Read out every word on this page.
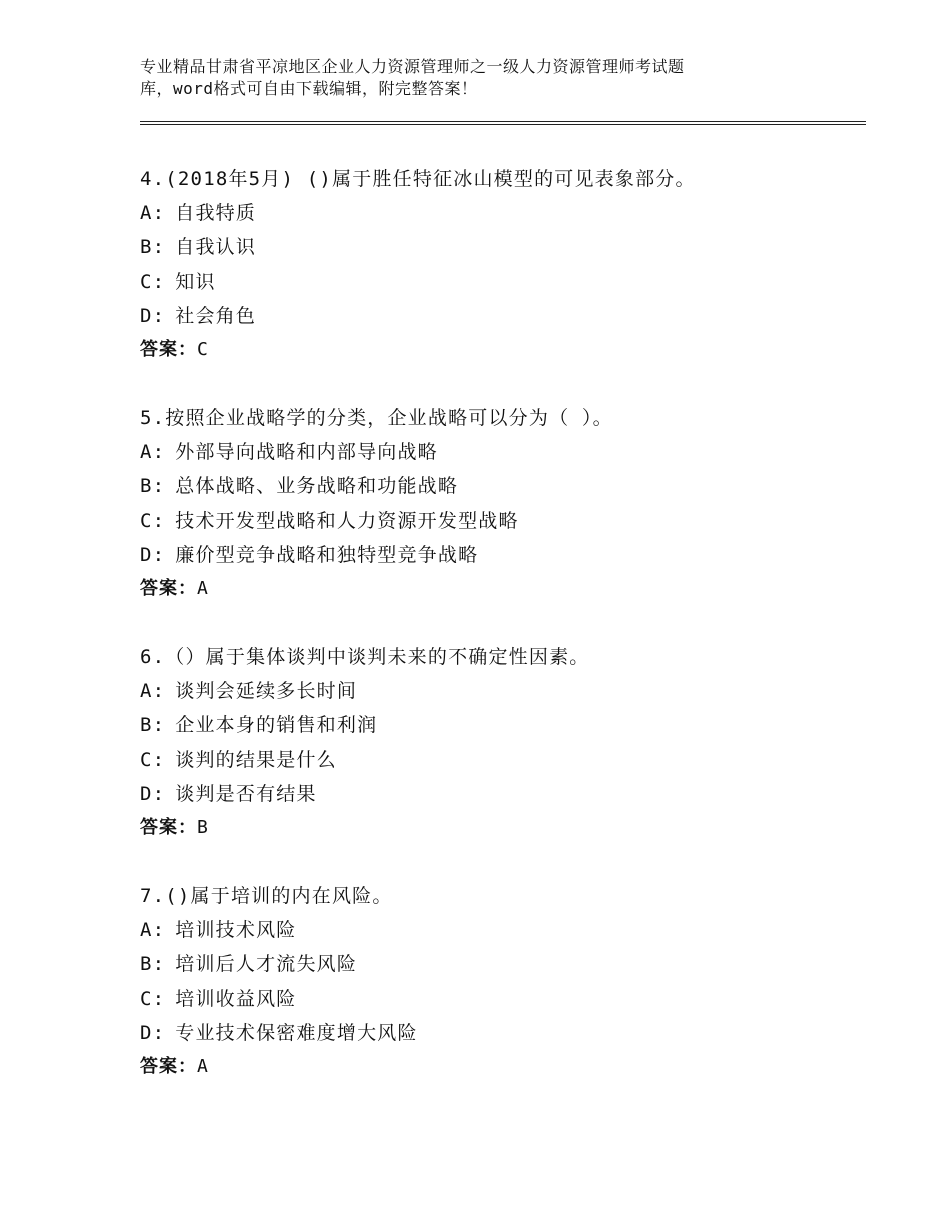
专业精品甘肃省平凉地区企业人力资源管理师之一级人力资源管理师考试题
库，word格式可自由下载编辑，附完整答案！
4.(2018年5月) ()属于胜任特征冰山模型的可见表象部分。
A: 自我特质
B: 自我认识
C: 知识
D: 社会角色
答案：C
5.按照企业战略学的分类，企业战略可以分为（ ）。
A: 外部导向战略和内部导向战略
B: 总体战略、业务战略和功能战略
C: 技术开发型战略和人力资源开发型战略
D: 廉价型竞争战略和独特型竞争战略
答案：A
6.（）属于集体谈判中谈判未来的不确定性因素。
A: 谈判会延续多长时间
B: 企业本身的销售和利润
C: 谈判的结果是什么
D: 谈判是否有结果
答案：B
7.()属于培训的内在风险。
A: 培训技术风险
B: 培训后人才流失风险
C: 培训收益风险
D: 专业技术保密难度增大风险
答案：A
